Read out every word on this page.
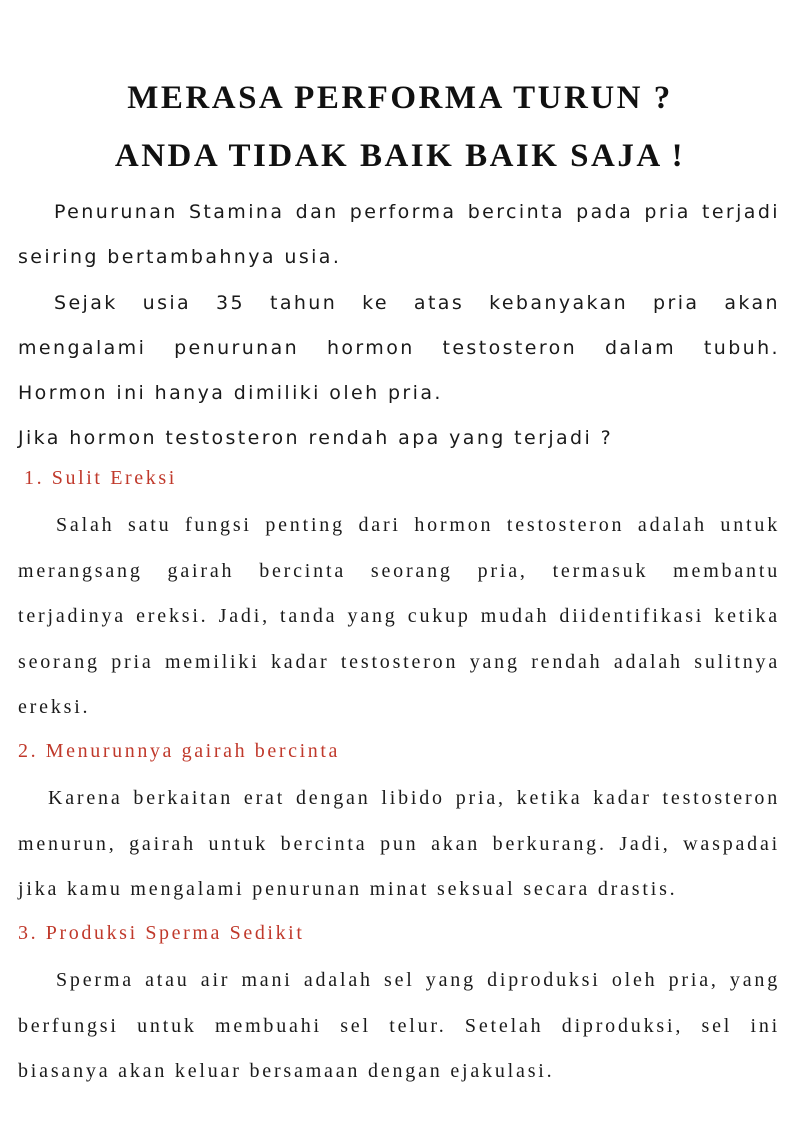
MERASA PERFORMA TURUN ?
ANDA TIDAK BAIK BAIK SAJA !

Penurunan Stamina dan performa bercinta pada pria terjadi seiring bertambahnya usia.

Sejak usia 35 tahun ke atas kebanyakan pria akan mengalami penurunan hormon testosteron dalam tubuh. Hormon ini hanya dimiliki oleh pria.

Jika hormon testosteron rendah apa yang terjadi ?

1. Sulit Ereksi

Salah satu fungsi penting dari hormon testosteron adalah untuk merangsang gairah bercinta seorang pria, termasuk membantu terjadinya ereksi. Jadi, tanda yang cukup mudah diidentifikasi ketika seorang pria memiliki kadar testosteron yang rendah adalah sulitnya ereksi.

2. Menurunnya gairah bercinta

Karena berkaitan erat dengan libido pria, ketika kadar testosteron menurun, gairah untuk bercinta pun akan berkurang. Jadi, waspadai jika kamu mengalami penurunan minat seksual secara drastis.

3. Produksi Sperma Sedikit

Sperma atau air mani adalah sel yang diproduksi oleh pria, yang berfungsi untuk membuahi sel telur. Setelah diproduksi, sel ini biasanya akan keluar bersamaan dengan ejakulasi.
